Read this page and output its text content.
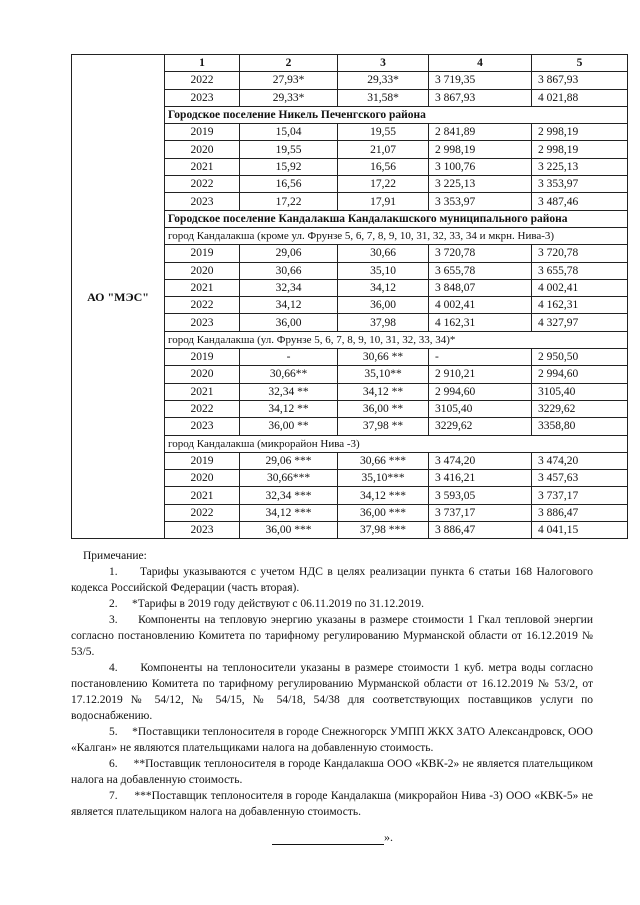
АО "МЭС"	1	2	3	4	5
	2022	27,93*	29,33*	3 719,35	3 867,93
	2023	29,33*	31,58*	3 867,93	4 021,88
	Городское поселение Никель Печенгского района				
	2019	15,04	19,55	2 841,89	2 998,19
	2020	19,55	21,07	2 998,19	2 998,19
	2021	15,92	16,56	3 100,76	3 225,13
	2022	16,56	17,22	3 225,13	3 353,97
	2023	17,22	17,91	3 353,97	3 487,46
	Городское поселение Кандалакша Кандалакшского муниципального района				
	город Кандалакша (кроме ул. Фрунзе 5, 6, 7, 8, 9, 10, 31, 32, 33, 34 и мкрн. Нива-3)				
	2019	29,06	30,66	3 720,78	3 720,78
	2020	30,66	35,10	3 655,78	3 655,78
	2021	32,34	34,12	3 848,07	4 002,41
	2022	34,12	36,00	4 002,41	4 162,31
	2023	36,00	37,98	4 162,31	4 327,97
	город Кандалакша (ул. Фрунзе 5, 6, 7, 8, 9, 10, 31, 32, 33, 34)*				
	2019	-	30,66 **	-	2 950,50
	2020	30,66**	35,10**	2 910,21	2 994,60
	2021	32,34 **	34,12 **	2 994,60	3105,40
	2022	34,12 **	36,00 **	3105,40	3229,62
	2023	36,00 **	37,98 **	3229,62	3358,80
	город Кандалакша (микрорайон Нива -3)				
	2019	29,06 ***	30,66 ***	3 474,20	3 474,20
	2020	30,66***	35,10***	3 416,21	3 457,63
	2021	32,34 ***	34,12 ***	3 593,05	3 737,17
	2022	34,12 ***	36,00 ***	3 737,17	3 886,47
	2023	36,00 ***	37,98 ***	3 886,47	4 041,15

Примечание:

1.     Тарифы указываются с учетом НДС в целях реализации пункта 6 статьи 168 Налогового кодекса Российской Федерации (часть вторая).

2.     *Тарифы в 2019 году действуют с 06.11.2019 по 31.12.2019.

3.     Компоненты на тепловую энергию указаны в размере стоимости 1 Гкал тепловой энергии согласно постановлению Комитета по тарифному регулированию Мурманской области от 16.12.2019 № 53/5.

4.     Компоненты на теплоносители указаны в размере стоимости 1 куб. метра воды согласно постановлению Комитета по тарифному регулированию Мурманской области от 16.12.2019 № 53/2, от 17.12.2019 № 54/12, № 54/15, № 54/18, 54/38 для соответствующих поставщиков услуги по водоснабжению.

5.     *Поставщики теплоносителя в городе Снежногорск УМПП ЖКХ ЗАТО Александровск, ООО «Калган» не являются плательщиками налога на добавленную стоимость.

6.     **Поставщик теплоносителя в городе Кандалакша ООО «КВК-2» не является плательщиком налога на добавленную стоимость.

7.     ***Поставщик теплоносителя в городе Кандалакша (микрорайон Нива -3) ООО «КВК-5» не является плательщиком налога на добавленную стоимость.

».
